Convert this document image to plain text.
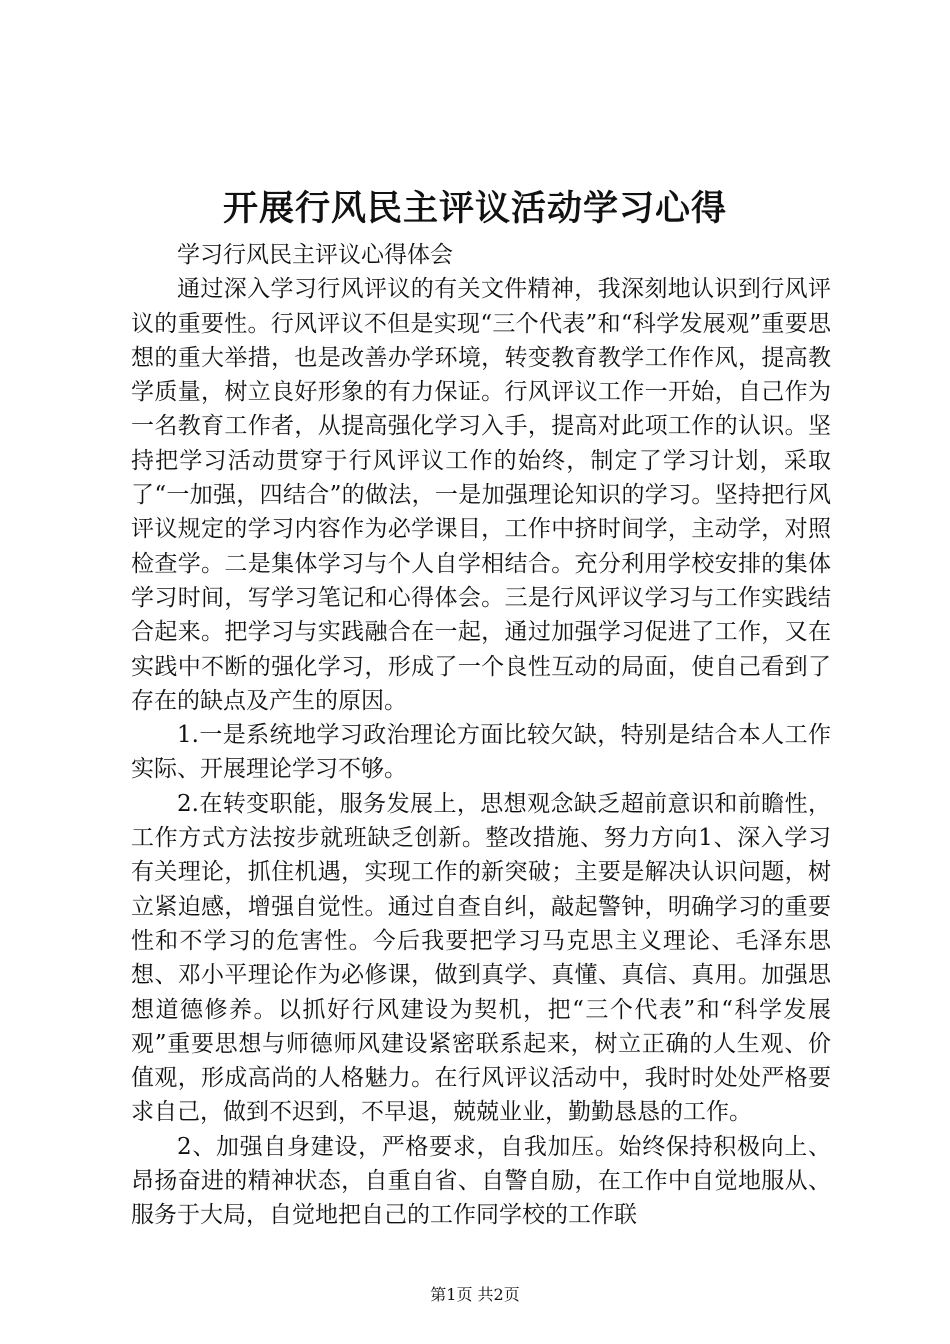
开展行风民主评议活动学习心得

学习行风民主评议心得体会

通过深入学习行风评议的有关文件精神，我深刻地认识到行风评议的重要性。行风评议不但是实现“三个代表”和“科学发展观”重要思想的重大举措，也是改善办学环境，转变教育教学工作作风，提高教学质量，树立良好形象的有力保证。行风评议工作一开始，自己作为一名教育工作者，从提高强化学习入手，提高对此项工作的认识。坚持把学习活动贯穿于行风评议工作的始终，制定了学习计划，采取了“一加强，四结合”的做法，一是加强理论知识的学习。坚持把行风评议规定的学习内容作为必学课目，工作中挤时间学，主动学，对照检查学。二是集体学习与个人自学相结合。充分利用学校安排的集体学习时间，写学习笔记和心得体会。三是行风评议学习与工作实践结合起来。把学习与实践融合在一起，通过加强学习促进了工作，又在实践中不断的强化学习，形成了一个良性互动的局面，使自己看到了存在的缺点及产生的原因。

1.一是系统地学习政治理论方面比较欠缺，特别是结合本人工作实际、开展理论学习不够。

2.在转变职能，服务发展上，思想观念缺乏超前意识和前瞻性，工作方式方法按步就班缺乏创新。整改措施、努力方向1、深入学习有关理论，抓住机遇，实现工作的新突破；主要是解决认识问题，树立紧迫感，增强自觉性。通过自查自纠，敲起警钟，明确学习的重要性和不学习的危害性。今后我要把学习马克思主义理论、毛泽东思想、邓小平理论作为必修课，做到真学、真懂、真信、真用。加强思想道德修养。以抓好行风建设为契机，把“三个代表”和“科学发展观”重要思想与师德师风建设紧密联系起来，树立正确的人生观、价值观，形成高尚的人格魅力。在行风评议活动中，我时时处处严格要求自己，做到不迟到，不早退，兢兢业业，勤勤恳恳的工作。

2、加强自身建设，严格要求，自我加压。始终保持积极向上、昂扬奋进的精神状态，自重自省、自警自励，在工作中自觉地服从、服务于大局，自觉地把自己的工作同学校的工作联

第1页 共2页
